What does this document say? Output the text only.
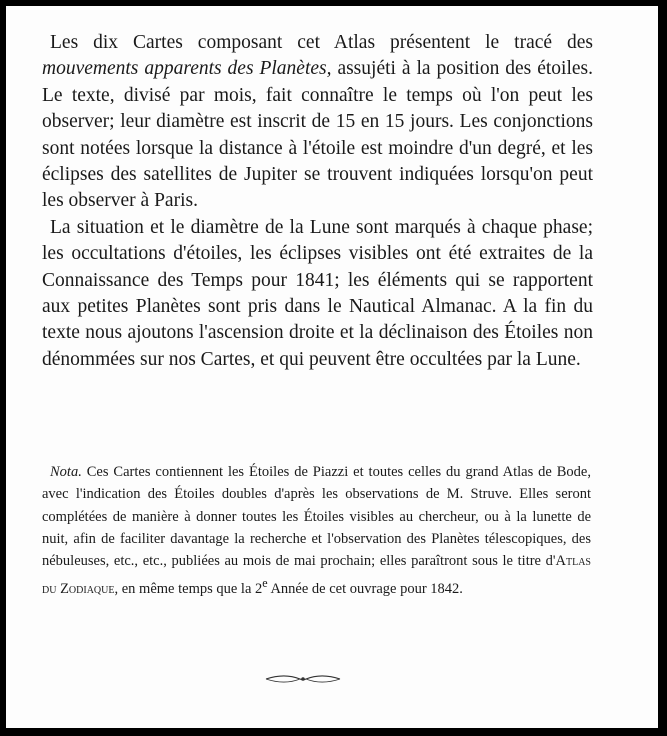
Les dix Cartes composant cet Atlas présentent le tracé des mouvements apparents des Planètes, assujéti à la position des étoiles. Le texte, divisé par mois, fait connaître le temps où l'on peut les observer; leur diamètre est inscrit de 15 en 15 jours. Les conjonctions sont notées lorsque la distance à l'étoile est moindre d'un degré, et les éclipses des satellites de Jupiter se trouvent indiquées lorsqu'on peut les observer à Paris.

La situation et le diamètre de la Lune sont marqués à chaque phase; les occultations d'étoiles, les éclipses visibles ont été extraites de la Connaissance des Temps pour 1841; les éléments qui se rapportent aux petites Planètes sont pris dans le Nautical Almanac. A la fin du texte nous ajoutons l'ascension droite et la déclinaison des Étoiles non dénommées sur nos Cartes, et qui peuvent être occultées par la Lune.

Nota. Ces Cartes contiennent les Étoiles de Piazzi et toutes celles du grand Atlas de Bode, avec l'indication des Étoiles doubles d'après les observations de M. Struve. Elles seront complétées de manière à donner toutes les Étoiles visibles au chercheur, ou à la lunette de nuit, afin de faciliter davantage la recherche et l'observation des Planètes télescopiques, des nébuleuses, etc., etc., publiées au mois de mai prochain; elles paraîtront sous le titre d'Atlas du Zodiaque, en même temps que la 2e Année de cet ouvrage pour 1842.
